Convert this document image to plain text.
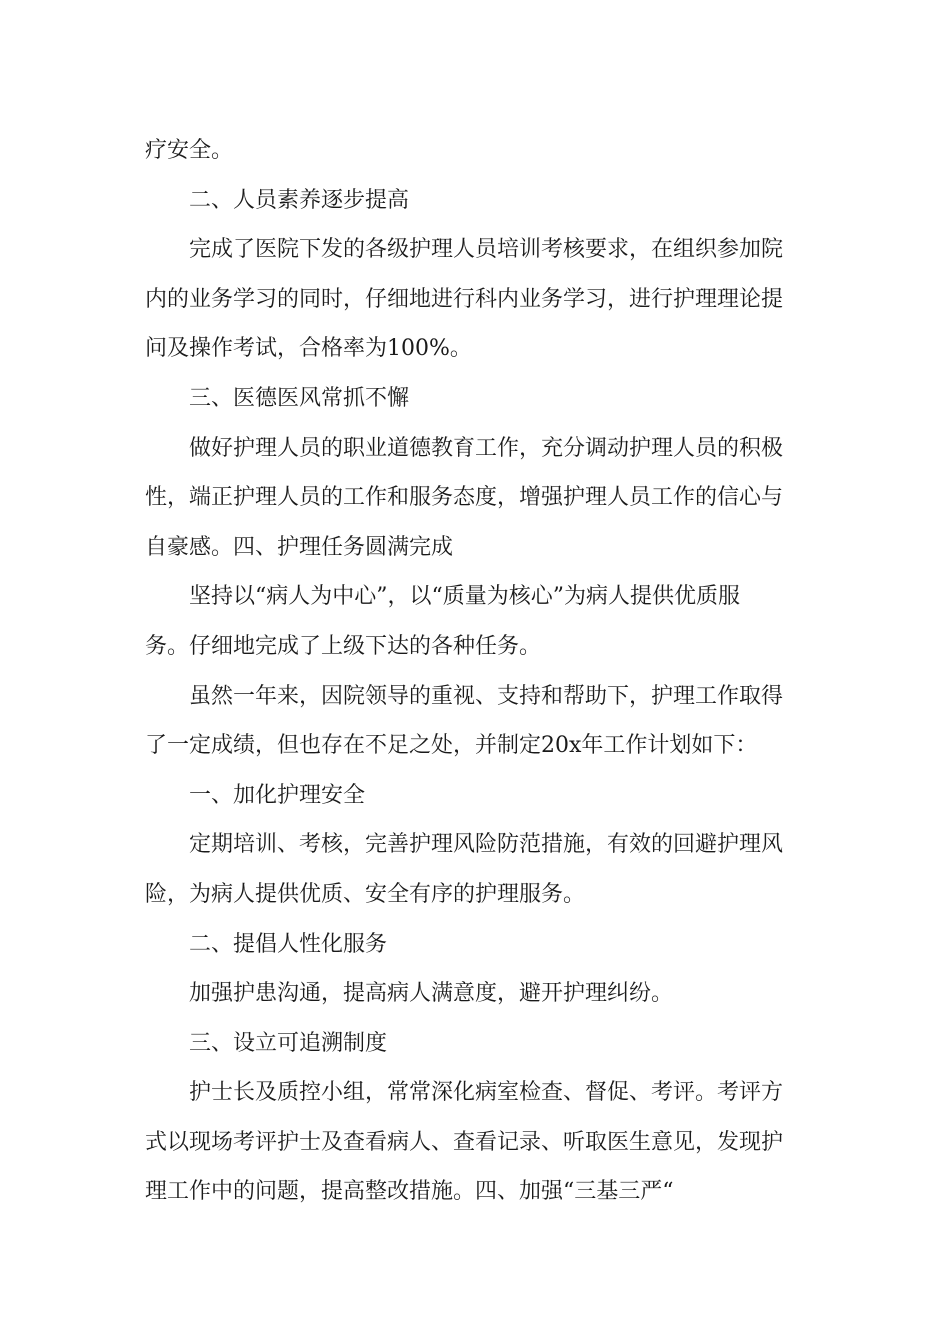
疗安全。
二、人员素养逐步提高
完成了医院下发的各级护理人员培训考核要求，在组织参加院
内的业务学习的同时，仔细地进行科内业务学习，进行护理理论提
问及操作考试，合格率为100%。
三、医德医风常抓不懈
做好护理人员的职业道德教育工作，充分调动护理人员的积极
性，端正护理人员的工作和服务态度，增强护理人员工作的信心与
自豪感。四、护理任务圆满完成
坚持以“病人为中心”，以“质量为核心”为病人提供优质服
务。仔细地完成了上级下达的各种任务。
虽然一年来，因院领导的重视、支持和帮助下，护理工作取得
了一定成绩，但也存在不足之处，并制定20x年工作计划如下：
一、加化护理安全
定期培训、考核，完善护理风险防范措施，有效的回避护理风
险，为病人提供优质、安全有序的护理服务。
二、提倡人性化服务
加强护患沟通，提高病人满意度，避开护理纠纷。
三、设立可追溯制度
护士长及质控小组，常常深化病室检查、督促、考评。考评方
式以现场考评护士及查看病人、查看记录、听取医生意见，发现护
理工作中的问题，提高整改措施。四、加强“三基三严“
